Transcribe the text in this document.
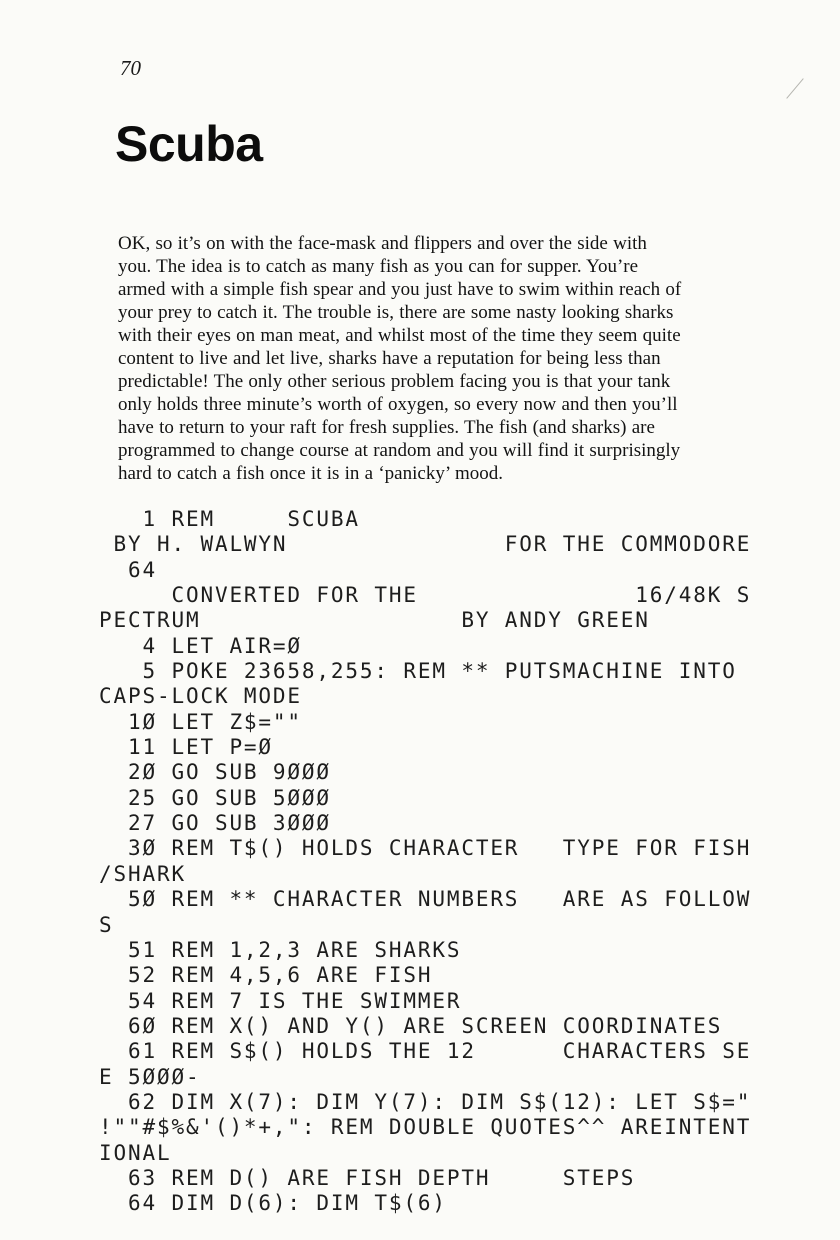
70
Scuba
OK, so it’s on with the face-mask and flippers and over the side with
you. The idea is to catch as many fish as you can for supper. You’re
armed with a simple fish spear and you just have to swim within reach of
your prey to catch it. The trouble is, there are some nasty looking sharks
with their eyes on man meat, and whilst most of the time they seem quite
content to live and let live, sharks have a reputation for being less than
predictable! The only other serious problem facing you is that your tank
only holds three minute’s worth of oxygen, so every now and then you’ll
have to return to your raft for fresh supplies. The fish (and sharks) are
programmed to change course at random and you will find it surprisingly
hard to catch a fish once it is in a ‘panicky’ mood.
1 REM     SCUBA
BY H. WALWYN               FOR THE COMMODORE
64
CONVERTED FOR THE               16/48K S
PECTRUM                  BY ANDY GREEN
4 LET AIR=Ø
5 POKE 23658,255: REM ** PUTSMACHINE INTO
CAPS-LOCK MODE
1Ø LET Z$=""
11 LET P=Ø
2Ø GO SUB 9ØØØ
25 GO SUB 5ØØØ
27 GO SUB 3ØØØ
3Ø REM T$() HOLDS CHARACTER   TYPE FOR FISH
/SHARK
5Ø REM ** CHARACTER NUMBERS   ARE AS FOLLOW
S
51 REM 1,2,3 ARE SHARKS
52 REM 4,5,6 ARE FISH
54 REM 7 IS THE SWIMMER
6Ø REM X() AND Y() ARE SCREEN COORDINATES
61 REM S$() HOLDS THE 12      CHARACTERS SE
E 5ØØØ-
62 DIM X(7): DIM Y(7): DIM S$(12): LET S$="
!""#$%&'()*+,": REM DOUBLE QUOTES^^ AREINTENT
IONAL
63 REM D() ARE FISH DEPTH     STEPS
64 DIM D(6): DIM T$(6)
